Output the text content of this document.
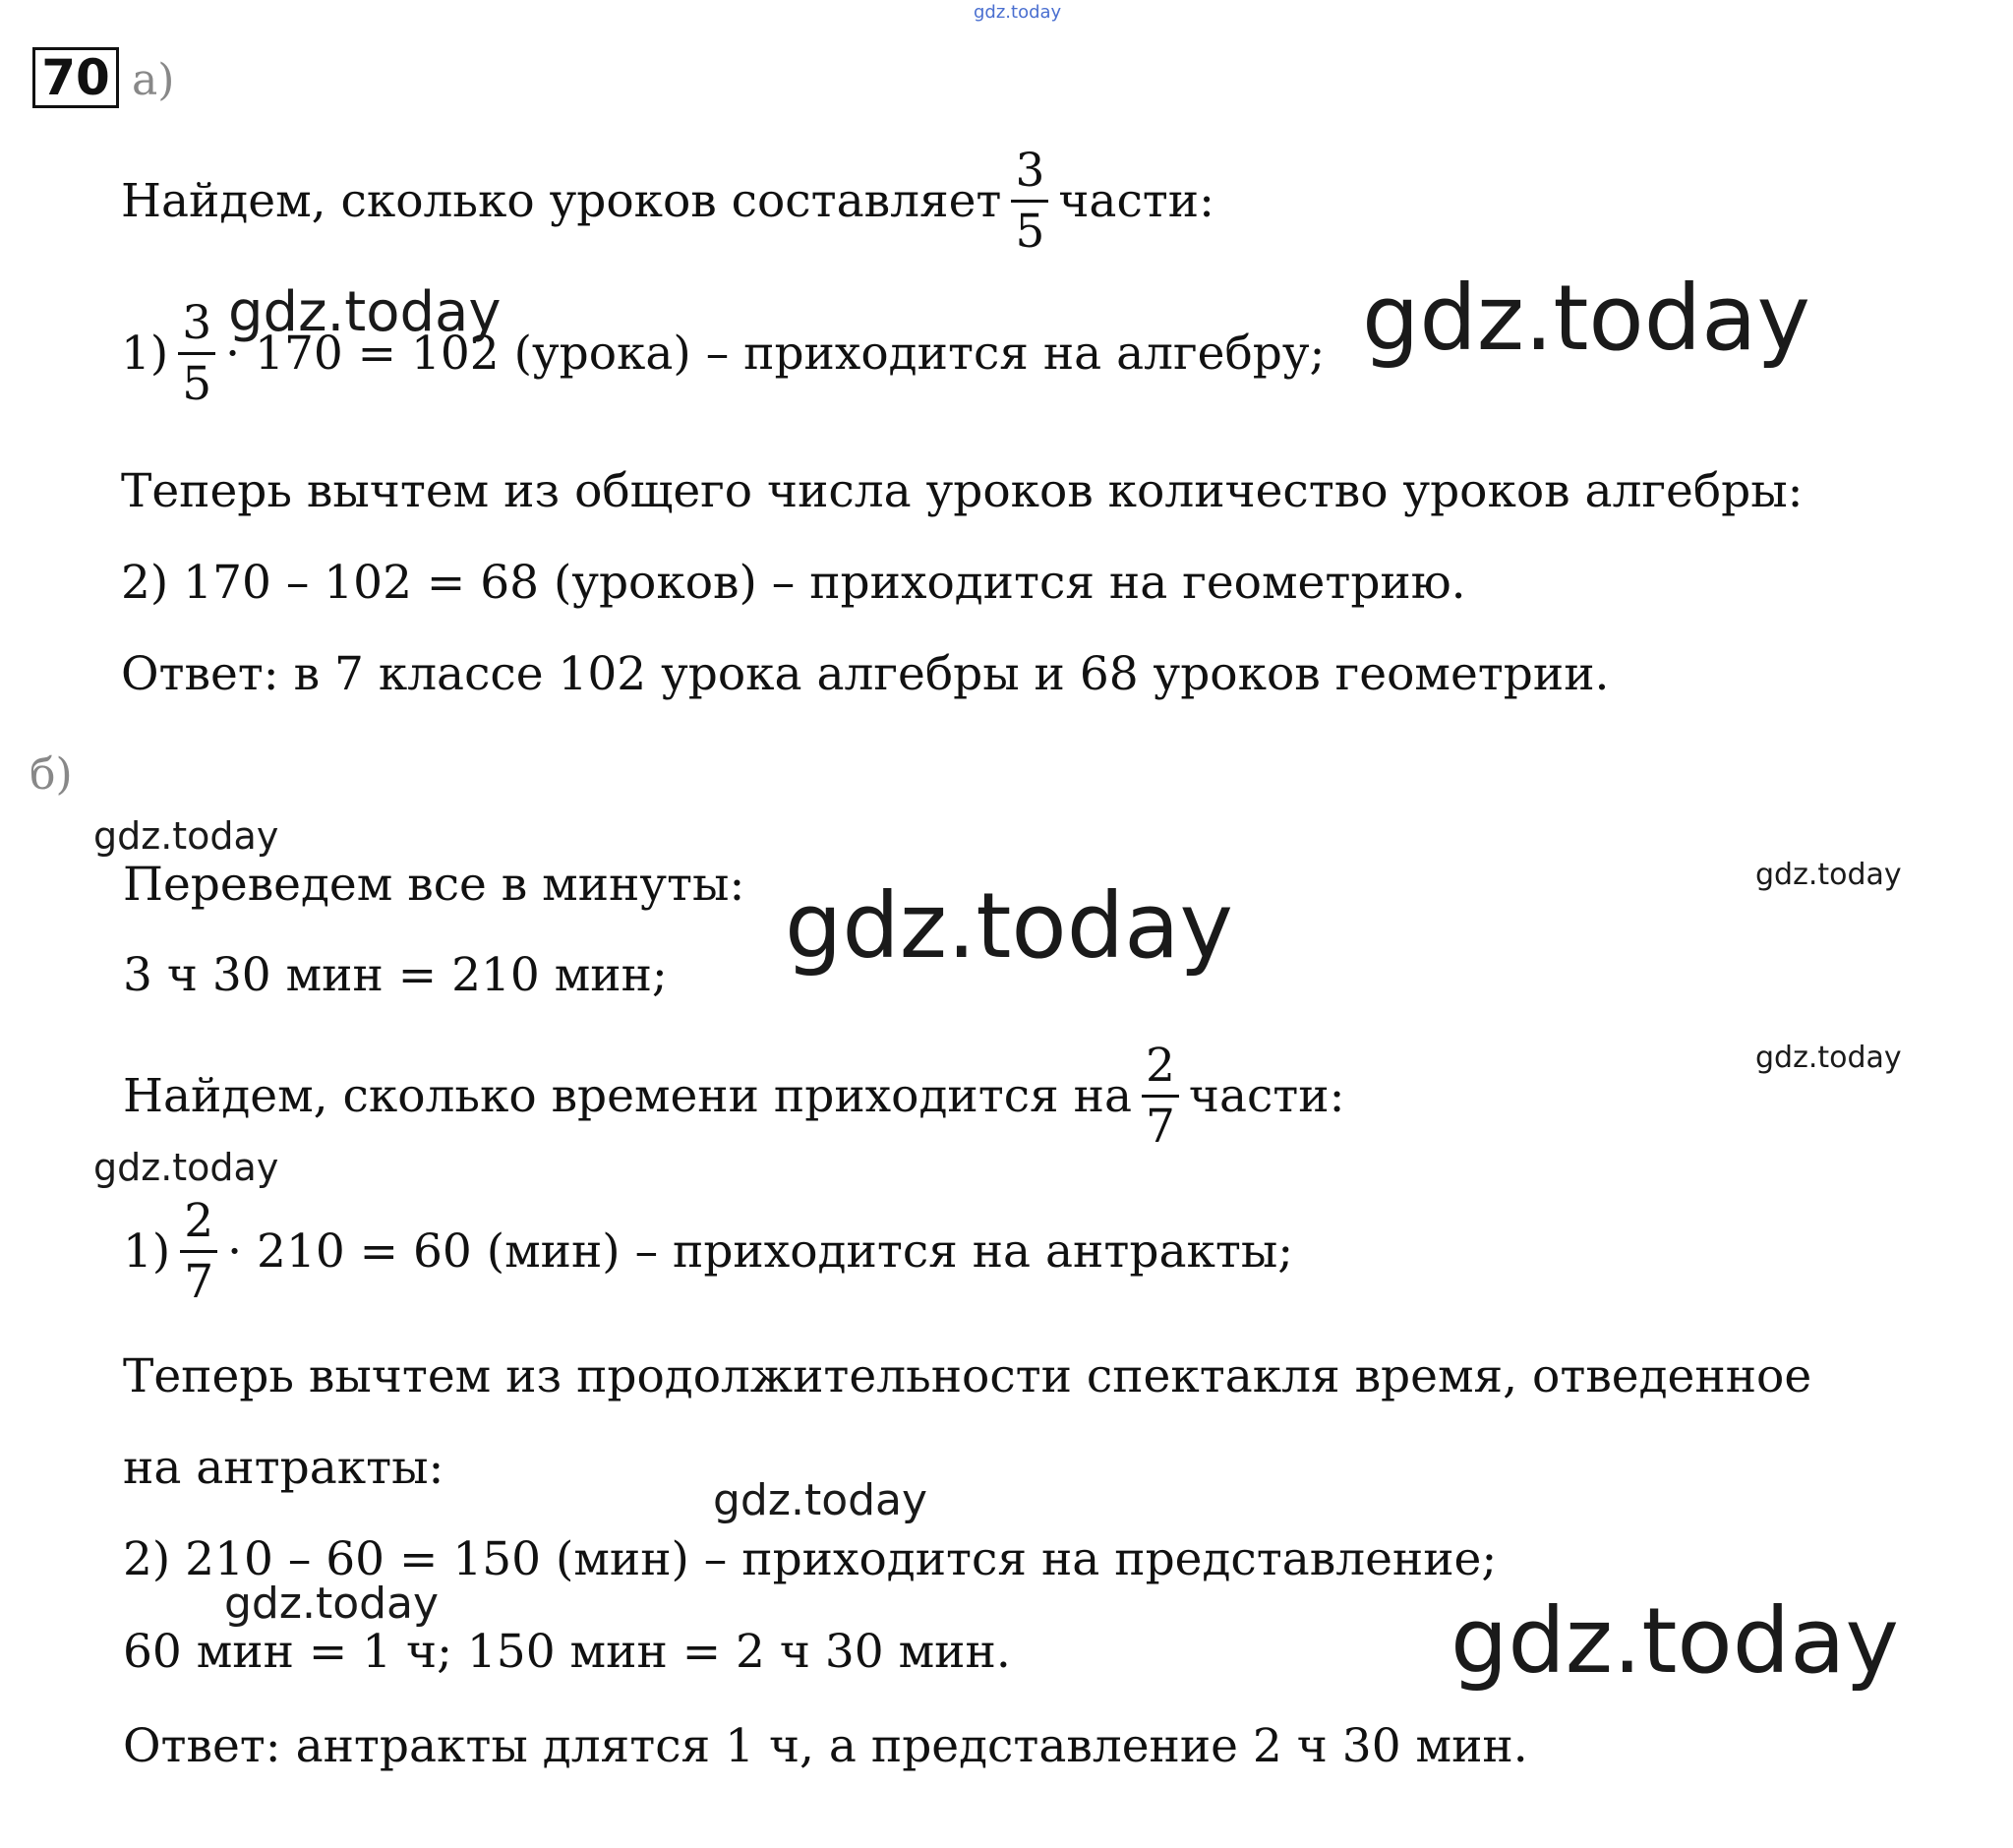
gdz.today
70 а)
Найдем, сколько уроков составляет $\frac{3}{5}$ части:
$1) \frac{3}{5} \cdot 170 = 102$ (урока) – приходится на алгебру;
Теперь вычтем из общего числа уроков количество уроков алгебры:
2) 170 – 102 = 68 (уроков) – приходится на геометрию.
Ответ: в 7 классе 102 урока алгебры и 68 уроков геометрии.
б)
Переведем все в минуты:
3 ч 30 мин = 210 мин;
Найдем, сколько времени приходится на $\frac{2}{7}$ части:
$1) \frac{2}{7} \cdot 210 = 60$ (мин) – приходится на антракты;
Теперь вычтем из продолжительности спектакля время, отведенное
на антракты:
2) 210 – 60 = 150 (мин) – приходится на представление;
60 мин = 1 ч; 150 мин = 2 ч 30 мин.
Ответ: антракты длятся 1 ч, а представление 2 ч 30 мин.
gdz.today	gdz.today
gdz.today
gdz.today
gdz.today
gdz.today
gdz.today
gdz.today
gdz.today	gdz.today
